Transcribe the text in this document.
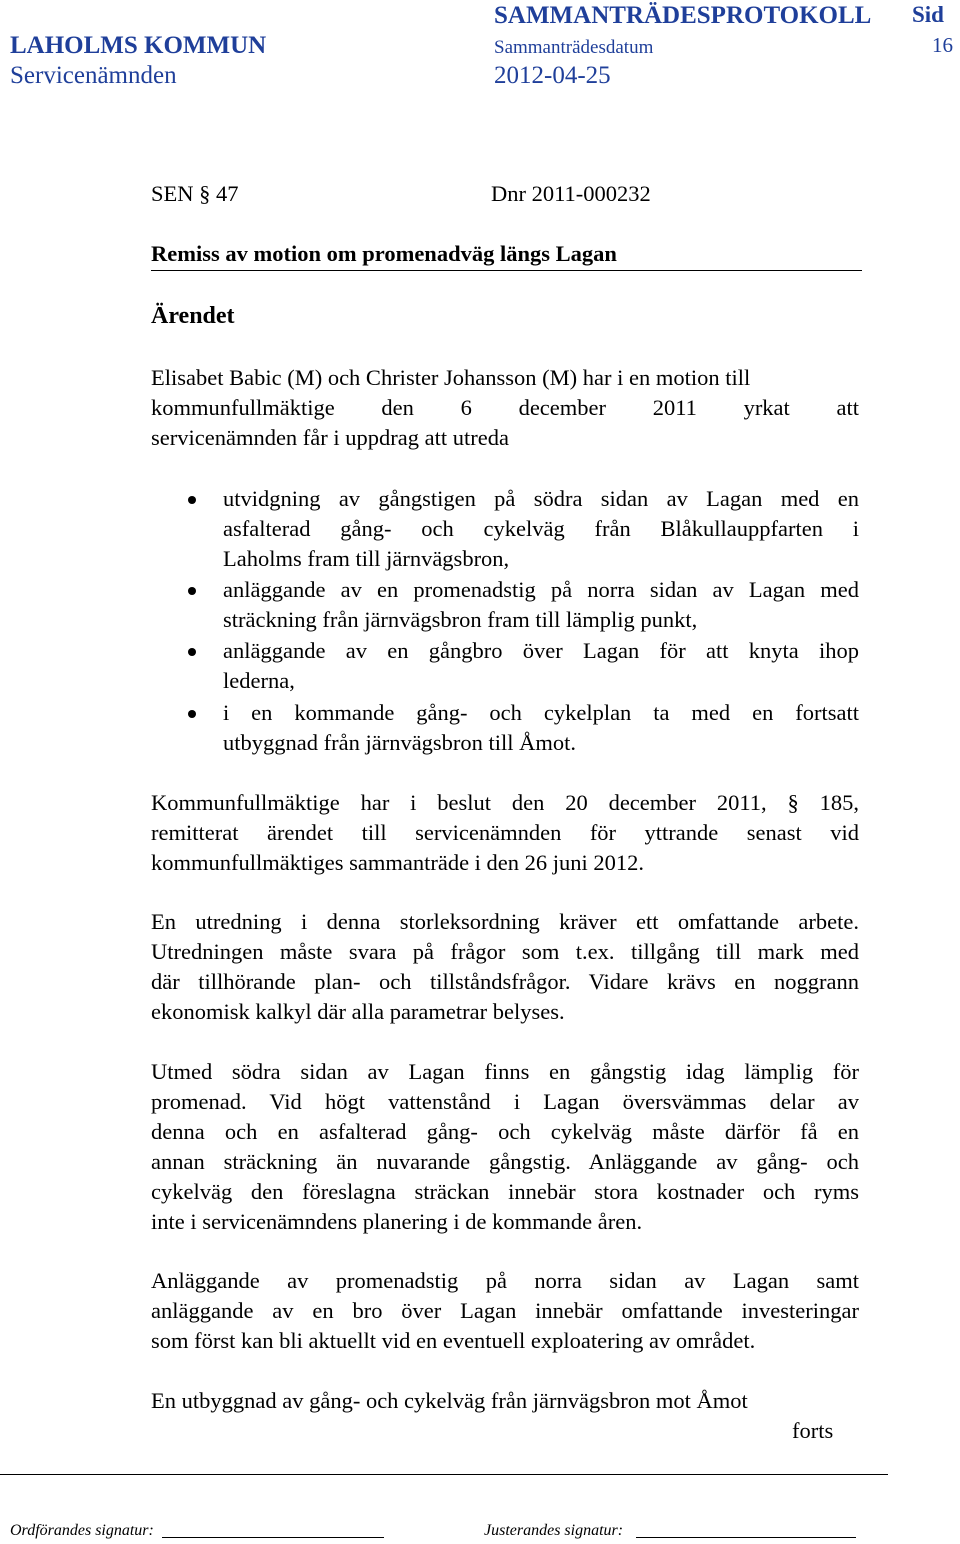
LAHOLMS KOMMUN
SAMMANTRÄDESPROTOKOLL Sid
16
Sammanträdesdatum
Servicenämnden	2012-04-25
SEN § 47	Dnr 2011-000232
Remiss av motion om promenadväg längs Lagan
Ärendet
Elisabet Babic (M) och Christer Johansson (M) har i en motion till
kommunfullmäktige den 6 december 2011 yrkat att
servicenämnden får i uppdrag att utreda
utvidgning av gångstigen på södra sidan av Lagan med en
asfalterad gång- och cykelväg från Blåkullauppfarten i
Laholms fram till järnvägsbron,
anläggande av en promenadstig på norra sidan av Lagan med
sträckning från järnvägsbron fram till lämplig punkt,
anläggande av en gångbro över Lagan för att knyta ihop
lederna,
i en kommande gång- och cykelplan ta med en fortsatt
utbyggnad från järnvägsbron till Åmot.
Kommunfullmäktige har i beslut den 20 december 2011, § 185,
remitterat ärendet till servicenämnden för yttrande senast vid
kommunfullmäktiges sammanträde i den 26 juni 2012.
En utredning i denna storleksordning kräver ett omfattande arbete.
Utredningen måste svara på frågor som t.ex. tillgång till mark med
där tillhörande plan- och tillståndsfrågor. Vidare krävs en noggrann
ekonomisk kalkyl där alla parametrar belyses.
Utmed södra sidan av Lagan finns en gångstig idag lämplig för
promenad. Vid högt vattenstånd i Lagan översvämmas delar av
denna och en asfalterad gång- och cykelväg måste därför få en
annan sträckning än nuvarande gångstig. Anläggande av gång- och
cykelväg den föreslagna sträckan innebär stora kostnader och ryms
inte i servicenämndens planering i de kommande åren.
Anläggande av promenadstig på norra sidan av Lagan samt
anläggande av en bro över Lagan innebär omfattande investeringar
som först kan bli aktuellt vid en eventuell exploatering av området.
En utbyggnad av gång- och cykelväg från järnvägsbron mot Åmot
forts
Ordförandes signatur:	Justerandes signatur:
